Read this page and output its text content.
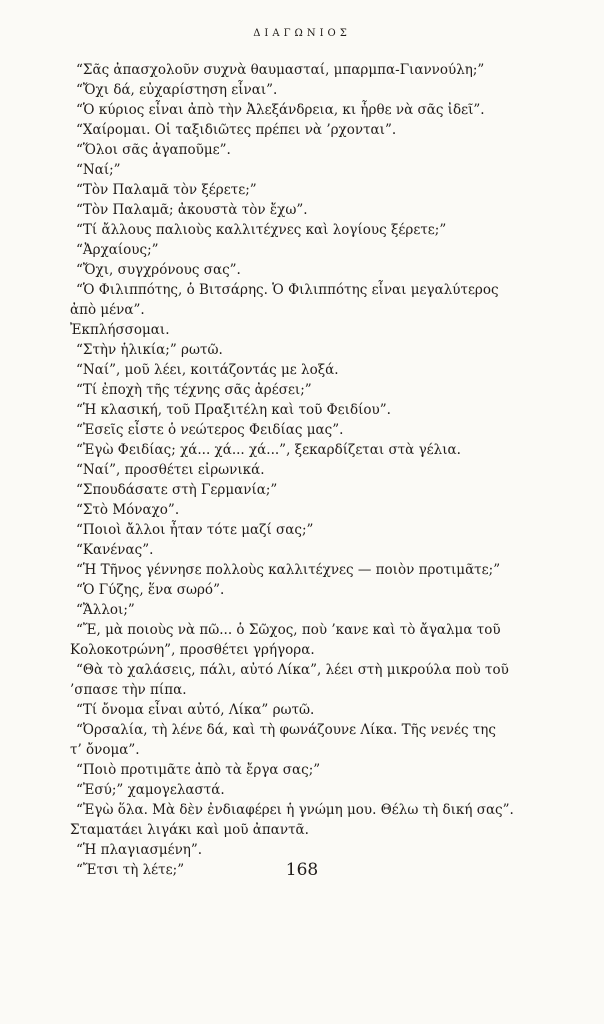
ΔΙΑΓΩΝΙΟΣ
“Σᾶς ἀπασχολοῦν συχνὰ θαυμασταί, μπαρμπα-Γιαννούλη;”
“Ὄχι δά, εὐχαρίστηση εἶναι”.
“Ὁ κύριος εἶναι ἀπὸ τὴν Ἀλεξάνδρεια, κι ἦρθε νὰ σᾶς ἰδεῖ”.
“Χαίρομαι. Οἱ ταξιδιῶτες πρέπει νὰ ’ρχονται”.
“Ὅλοι σᾶς ἀγαποῦμε”.
“Ναί;”
“Τὸν Παλαμᾶ τὸν ξέρετε;”
“Τὸν Παλαμᾶ; ἀκουστὰ τὸν ἔχω”.
“Τί ἄλλους παλιοὺς καλλιτέχνες καὶ λογίους ξέρετε;”
“Ἀρχαίους;”
“Ὄχι, συγχρόνους σας”.
“Ὁ Φιλιππότης, ὁ Βιτσάρης. Ὁ Φιλιππότης εἶναι μεγαλύτερος
ἀπὸ μένα”.
Ἐκπλήσσομαι.
“Στὴν ἡλικία;” ρωτῶ.
“Ναί”, μοῦ λέει, κοιτάζοντάς με λοξά.
“Τί ἐποχὴ τῆς τέχνης σᾶς ἀρέσει;”
“Ἡ κλασική, τοῦ Πραξιτέλη καὶ τοῦ Φειδίου”.
“Ἐσεῖς εἶστε ὁ νεώτερος Φειδίας μας”.
“Ἐγὼ Φειδίας; χά... χά... χά...”, ξεκαρδίζεται στὰ γέλια.
“Ναί”, προσθέτει εἰρωνικά.
“Σπουδάσατε στὴ Γερμανία;”
“Στὸ Μόναχο”.
“Ποιοὶ ἄλλοι ἦταν τότε μαζί σας;”
“Κανένας”.
“Ἡ Τῆνος γέννησε πολλοὺς καλλιτέχνες — ποιὸν προτιμᾶτε;”
“Ὁ Γύζης, ἕνα σωρό”.
“Ἄλλοι;”
“Ἔ, μὰ ποιοὺς νὰ πῶ... ὁ Σῶχος, ποὺ ’κανε καὶ τὸ ἄγαλμα τοῦ
Κολοκοτρώνη”, προσθέτει γρήγορα.
“Θὰ τὸ χαλάσεις, πάλι, αὐτό Λίκα”, λέει στὴ μικρούλα ποὺ τοῦ
’σπασε τὴν πίπα.
“Τί ὄνομα εἶναι αὐτό, Λίκα” ρωτῶ.
“Ὀρσαλία, τὴ λένε δά, καὶ τὴ φωνάζουνε Λίκα. Τῆς νενές της
τ’ ὄνομα”.
“Ποιὸ προτιμᾶτε ἀπὸ τὰ ἔργα σας;”
“Ἐσύ;” χαμογελαστά.
“Ἐγὼ ὅλα. Μὰ δὲν ἐνδιαφέρει ἡ γνώμη μου. Θέλω τὴ δική σας”.
Σταματάει λιγάκι καὶ μοῦ ἀπαντᾶ.
“Ἡ πλαγιασμένη”.
“Ἔτσι τὴ λέτε;”	168
